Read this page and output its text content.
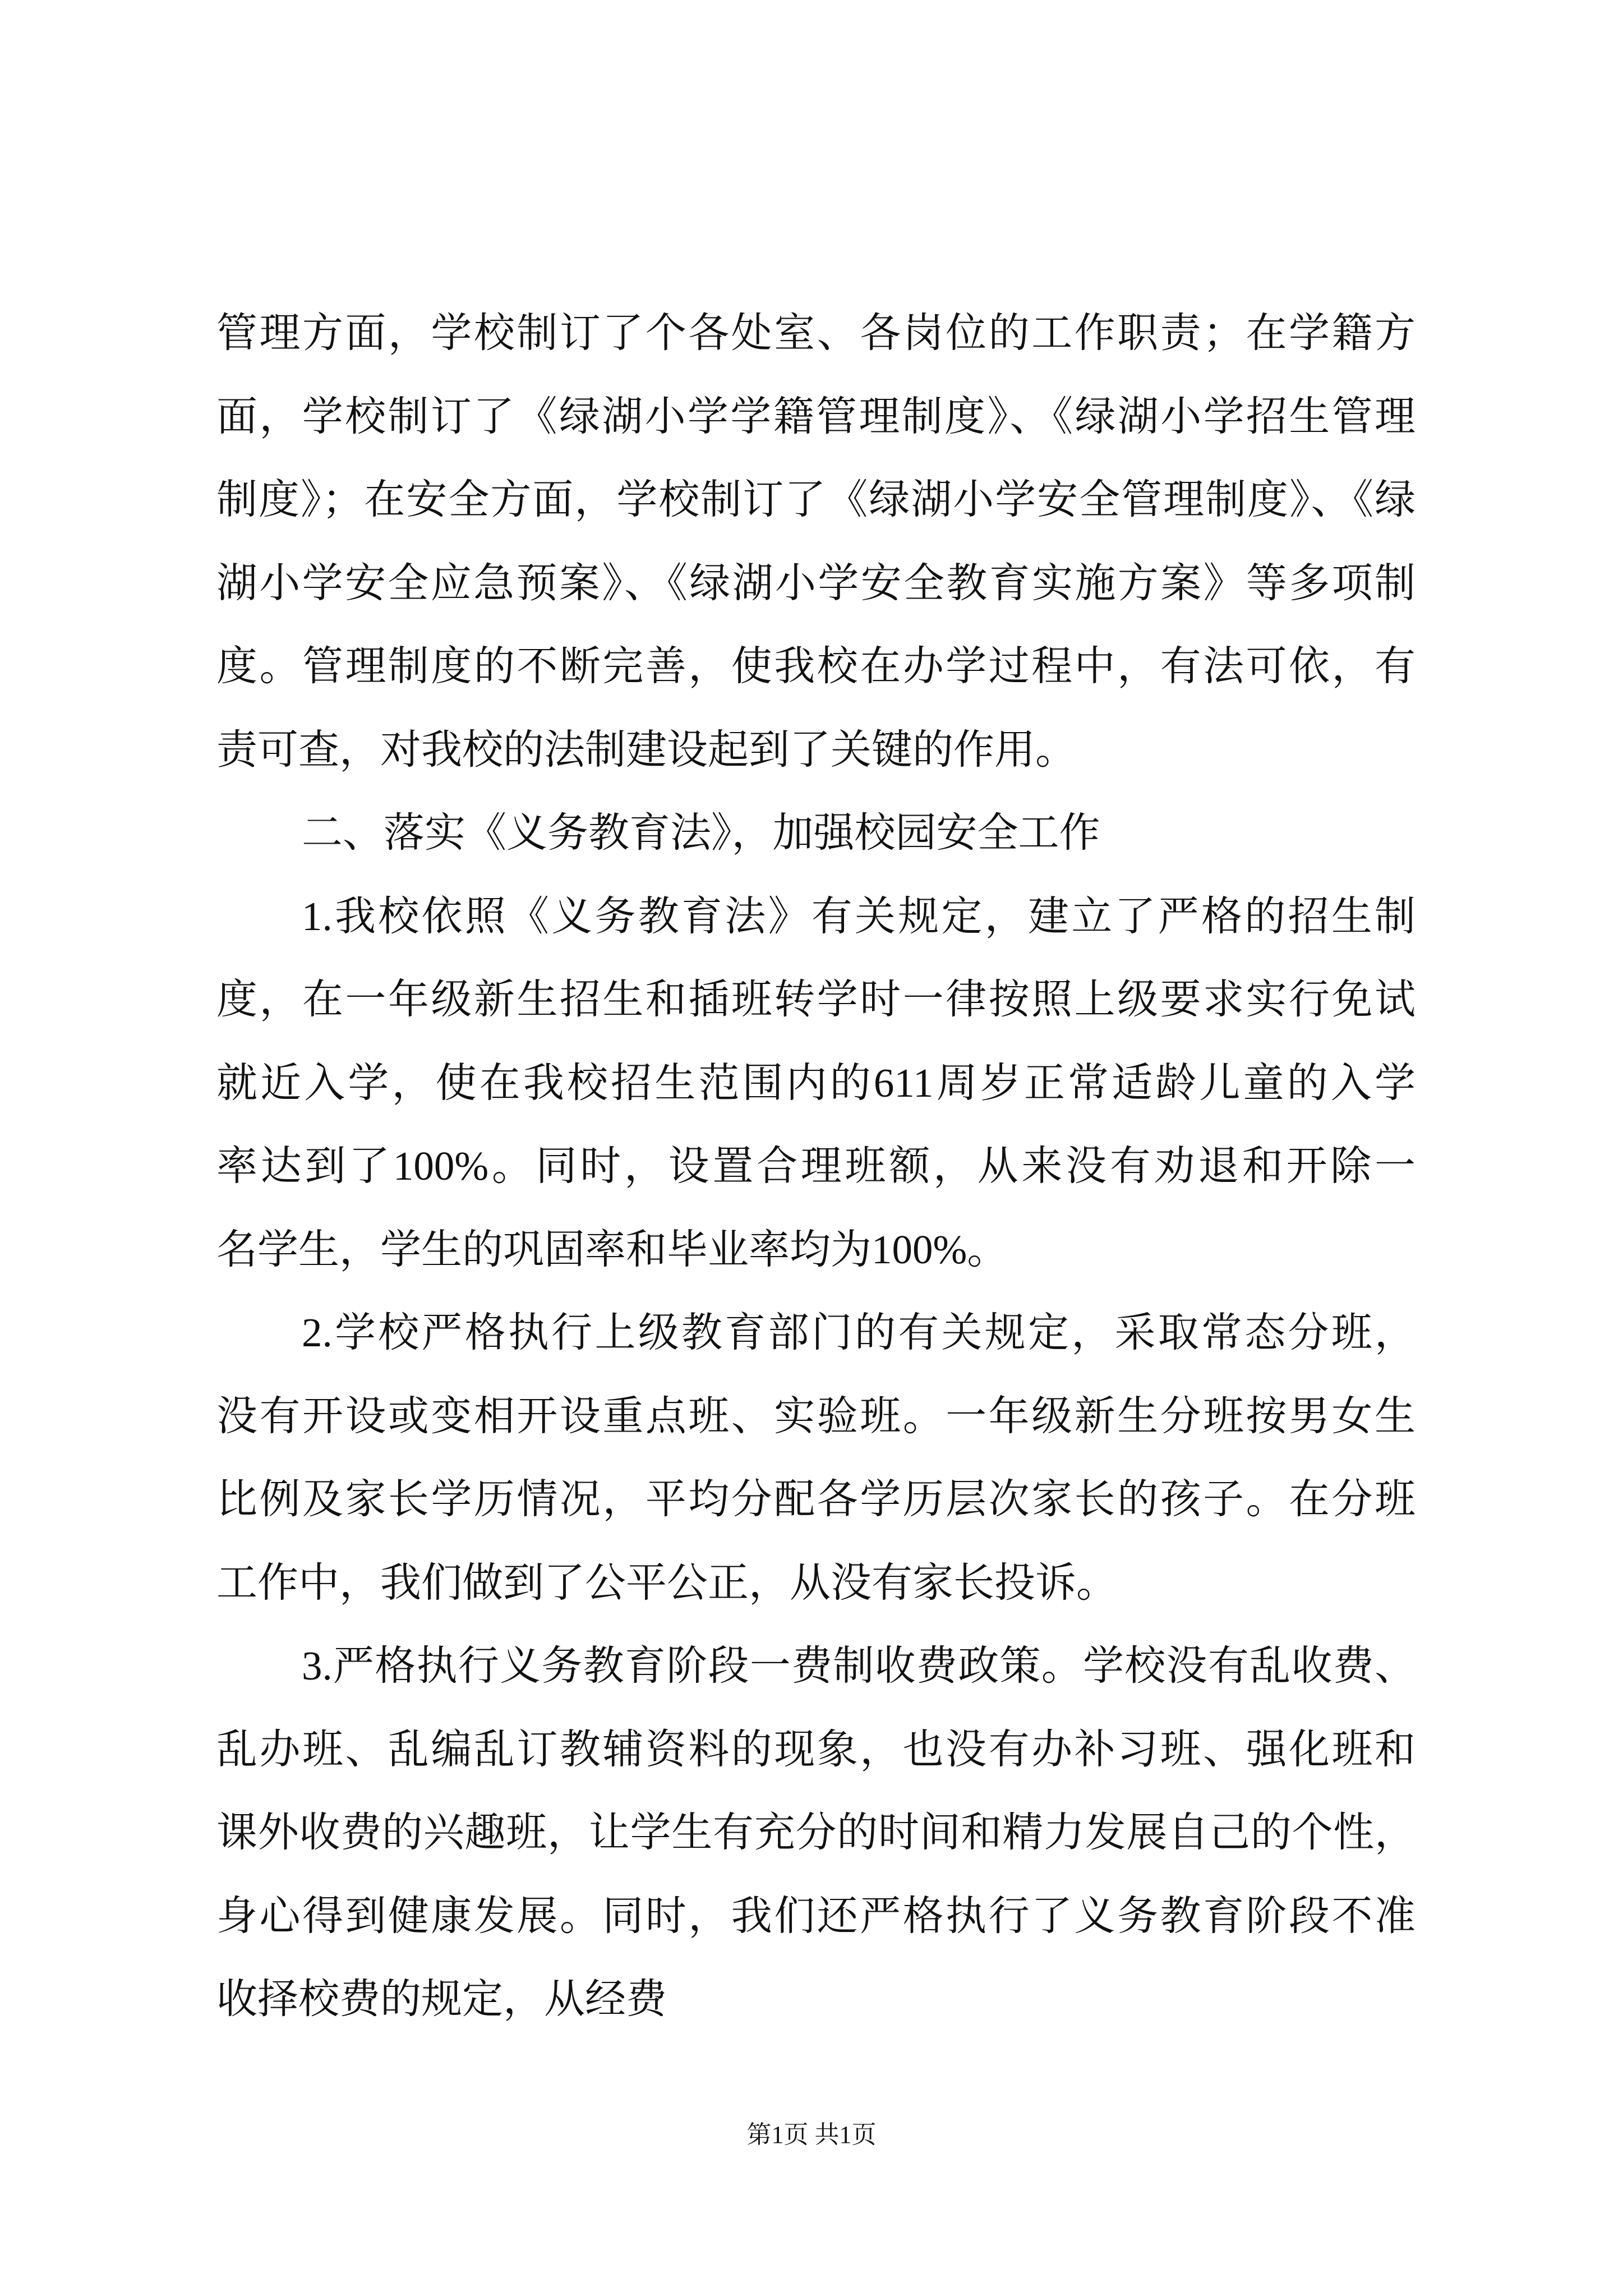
管理方面，学校制订了个各处室、各岗位的工作职责；在学籍方
面，学校制订了《绿湖小学学籍管理制度》、《绿湖小学招生管理
制度》；在安全方面，学校制订了《绿湖小学安全管理制度》、《绿
湖小学安全应急预案》、《绿湖小学安全教育实施方案》等多项制
度。管理制度的不断完善，使我校在办学过程中，有法可依，有
责可查，对我校的法制建设起到了关键的作用。
二、落实《义务教育法》，加强校园安全工作
1.我校依照《义务教育法》有关规定，建立了严格的招生制
度，在一年级新生招生和插班转学时一律按照上级要求实行免试
就近入学，使在我校招生范围内的611周岁正常适龄儿童的入学
率达到了100%。同时，设置合理班额，从来没有劝退和开除一
名学生，学生的巩固率和毕业率均为100%。
2.学校严格执行上级教育部门的有关规定，采取常态分班，
没有开设或变相开设重点班、实验班。一年级新生分班按男女生
比例及家长学历情况，平均分配各学历层次家长的孩子。在分班
工作中，我们做到了公平公正，从没有家长投诉。
3.严格执行义务教育阶段一费制收费政策。学校没有乱收费、
乱办班、乱编乱订教辅资料的现象，也没有办补习班、强化班和
课外收费的兴趣班，让学生有充分的时间和精力发展自己的个性，
身心得到健康发展。同时，我们还严格执行了义务教育阶段不准
收择校费的规定，从经费
第1页 共1页
